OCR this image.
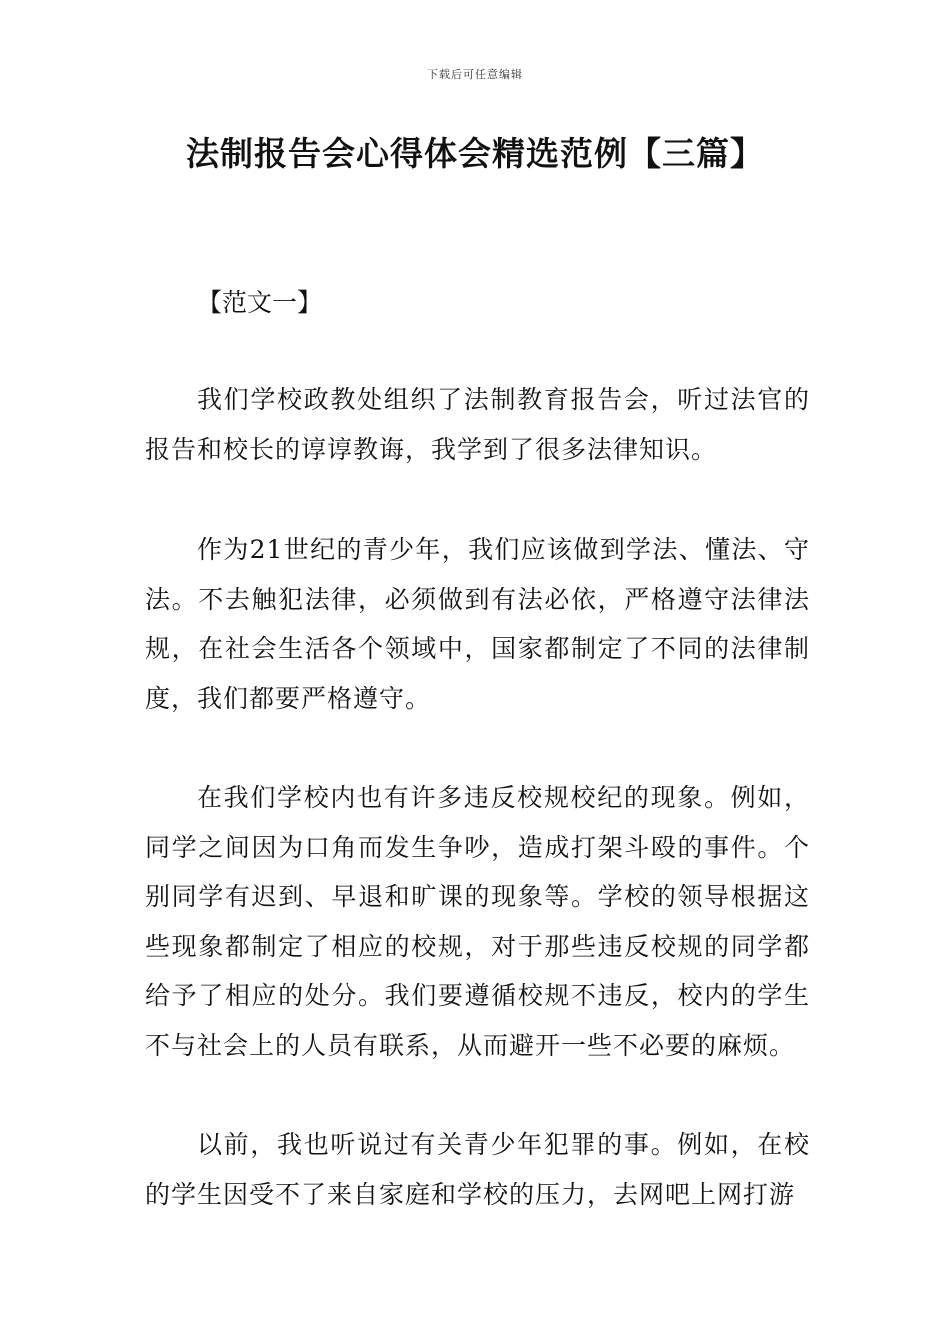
下载后可任意编辑
法制报告会心得体会精选范例【三篇】
【范文一】

我们学校政教处组织了法制教育报告会，听过法官的报告和校长的谆谆教诲，我学到了很多法律知识。

作为21世纪的青少年，我们应该做到学法、懂法、守法。不去触犯法律，必须做到有法必依，严格遵守法律法规，在社会生活各个领域中，国家都制定了不同的法律制度，我们都要严格遵守。

在我们学校内也有许多违反校规校纪的现象。例如，同学之间因为口角而发生争吵，造成打架斗殴的事件。个别同学有迟到、早退和旷课的现象等。学校的领导根据这些现象都制定了相应的校规，对于那些违反校规的同学都给予了相应的处分。我们要遵循校规不违反，校内的学生不与社会上的人员有联系，从而避开一些不必要的麻烦。

以前，我也听说过有关青少年犯罪的事。例如，在校的学生因受不了来自家庭和学校的压力，去网吧上网打游
